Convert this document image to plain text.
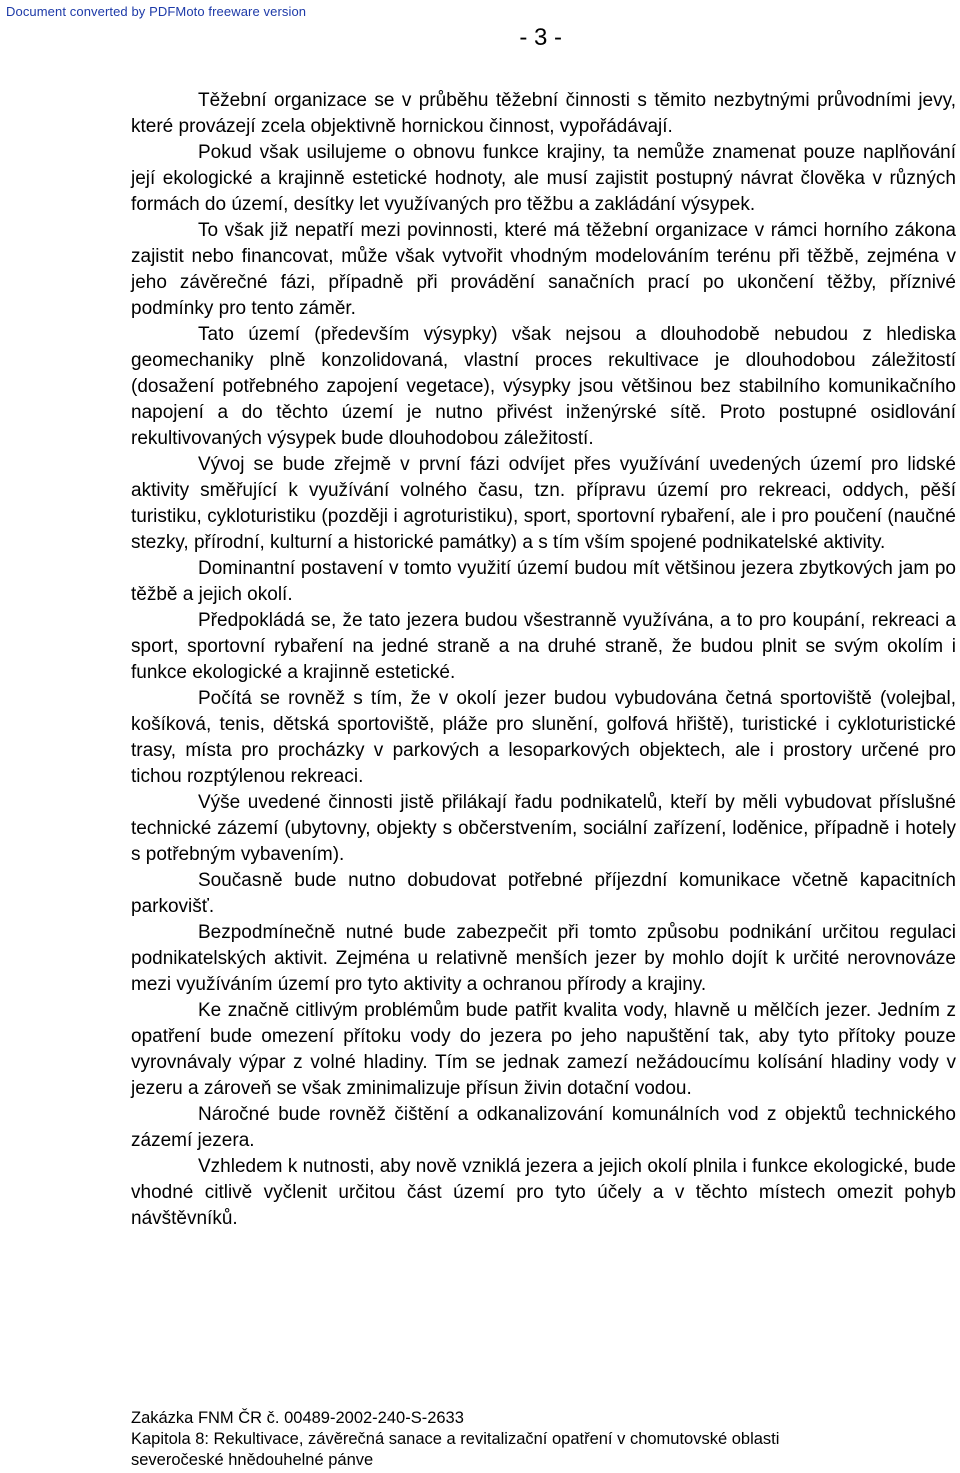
Document converted by PDFMoto freeware version
- 3 -

Těžební organizace se v průběhu těžební činnosti s těmito nezbytnými průvodními jevy, které provázejí zcela objektivně hornickou činnost, vypořádávají.

Pokud však usilujeme o obnovu funkce krajiny, ta nemůže znamenat pouze naplňování její ekologické a krajinně estetické hodnoty, ale musí zajistit postupný návrat člověka v různých formách do území, desítky let využívaných pro těžbu a zakládání výsypek.

To však již nepatří mezi povinnosti, které má těžební organizace v rámci horního zákona zajistit nebo financovat, může však vytvořit vhodným modelováním terénu při těžbě, zejména v jeho závěrečné fázi, případně při provádění sanačních prací po ukončení těžby, příznivé podmínky pro tento záměr.

Tato území (především výsypky) však nejsou a dlouhodobě nebudou z hlediska geomechaniky plně konzolidovaná, vlastní proces rekultivace je dlouhodobou záležitostí (dosažení potřebného zapojení vegetace), výsypky jsou většinou bez stabilního komunikačního napojení a do těchto území je nutno přivést inženýrské sítě. Proto postupné osidlování rekultivovaných výsypek bude dlouhodobou záležitostí.

Vývoj se bude zřejmě v první fázi odvíjet přes využívání uvedených území pro lidské aktivity směřující k využívání volného času, tzn. přípravu území pro rekreaci, oddych, pěší turistiku, cykloturistiku (později i agroturistiku), sport, sportovní rybaření, ale i pro poučení (naučné stezky, přírodní, kulturní a historické památky) a s tím vším spojené podnikatelské aktivity.

Dominantní postavení v tomto využití území budou mít většinou jezera zbytkových jam po těžbě a jejich okolí.

Předpokládá se, že tato jezera budou všestranně využívána, a to pro koupání, rekreaci a sport, sportovní rybaření na jedné straně a na druhé straně, že budou plnit se svým okolím i funkce ekologické a krajinně estetické.

Počítá se rovněž s tím, že v okolí jezer budou vybudována četná sportoviště (volejbal, košíková, tenis, dětská sportoviště, pláže pro slunění, golfová hřiště), turistické i cykloturistické trasy, místa pro procházky v parkových a lesoparkových objektech, ale i prostory určené pro tichou rozptýlenou rekreaci.

Výše uvedené činnosti jistě přilákají řadu podnikatelů, kteří by měli vybudovat příslušné technické zázemí (ubytovny, objekty s občerstvením, sociální zařízení, loděnice, případně i hotely s potřebným vybavením).

Současně bude nutno dobudovat potřebné příjezdní komunikace včetně kapacitních parkovišť.

Bezpodmínečně nutné bude zabezpečit při tomto způsobu podnikání určitou regulaci podnikatelských aktivit. Zejména u relativně menších jezer by mohlo dojít k určité nerovnováze mezi využíváním území pro tyto aktivity a ochranou přírody a krajiny.

Ke značně citlivým problémům bude patřit kvalita vody, hlavně u mělčích jezer. Jedním z opatření bude omezení přítoku vody do jezera po jeho napuštění tak, aby tyto přítoky pouze vyrovnávaly výpar z volné hladiny. Tím se jednak zamezí nežádoucímu kolísání hladiny vody v jezeru a zároveň se však zminimalizuje přísun živin dotační vodou.

Náročné bude rovněž čištění a odkanalizování komunálních vod z objektů technického zázemí jezera.

Vzhledem k nutnosti, aby nově vzniklá jezera a jejich okolí plnila i funkce ekologické, bude vhodné citlivě vyčlenit určitou část území pro tyto účely a v těchto místech omezit pohyb návštěvníků.

Zakázka FNM ČR č. 00489-2002-240-S-2633
Kapitola 8: Rekultivace, závěrečná sanace a revitalizační opatření v chomutovské oblasti
severočeské hnědouhelné pánve
